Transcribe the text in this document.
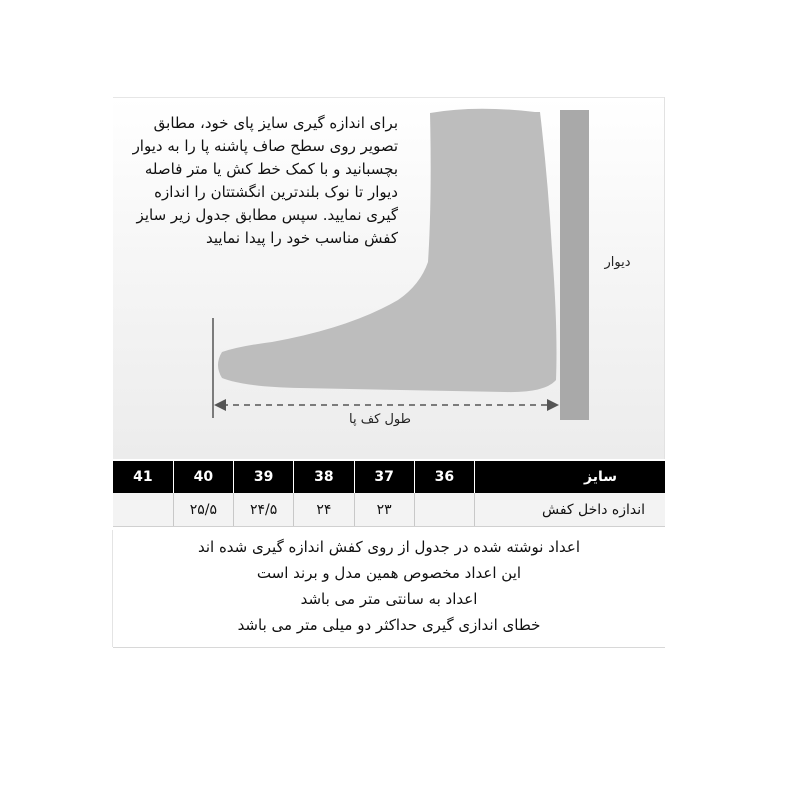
برای اندازه گیری سایز پای خود، مطابق
تصویر روی سطح صاف پاشنه پا را به دیوار
بچسبانید و با کمک خط کش یا متر فاصله
دیوار تا نوک بلندترین انگشتتان را اندازه
گیری نمایید. سپس مطابق جدول زیر سایز
کفش مناسب خود را پیدا نمایید
دیوار
طول کف پا
سایز	36	37	38	39	40	41
اندازه داخل کفش		۲۳	۲۴	۲۴/۵	۲۵/۵	
اعداد نوشته شده در جدول از روی کفش اندازه گیری شده اند
این اعداد مخصوص همین مدل و برند است
اعداد به سانتی متر می باشد
خطای اندازی گیری حداکثر دو میلی متر می باشد
